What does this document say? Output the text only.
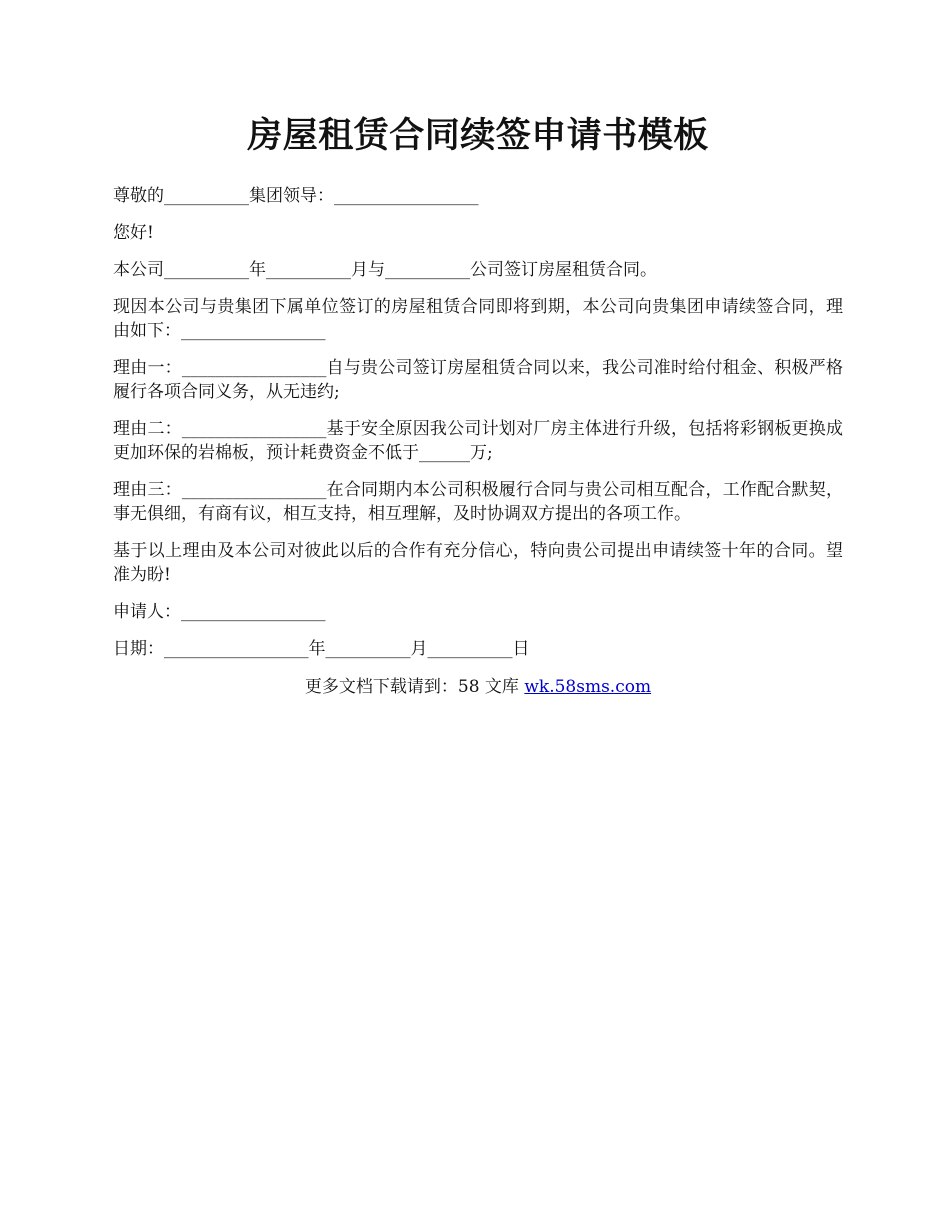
房屋租赁合同续签申请书模板

尊敬的__________集团领导：_________________

您好!

本公司__________年__________月与__________公司签订房屋租赁合同。

现因本公司与贵集团下属单位签订的房屋租赁合同即将到期，本公司向贵集团申请续签合同，理由如下：_________________

理由一：_________________自与贵公司签订房屋租赁合同以来，我公司准时给付租金、积极严格履行各项合同义务，从无违约;

理由二：_________________基于安全原因我公司计划对厂房主体进行升级，包括将彩钢板更换成更加环保的岩棉板，预计耗费资金不低于______万;

理由三：_________________在合同期内本公司积极履行合同与贵公司相互配合，工作配合默契，事无俱细，有商有议，相互支持，相互理解，及时协调双方提出的各项工作。

基于以上理由及本公司对彼此以后的合作有充分信心，特向贵公司提出申请续签十年的合同。望准为盼!

申请人：_________________

日期：_________________年__________月__________日

更多文档下载请到：58 文库 wk.58sms.com
